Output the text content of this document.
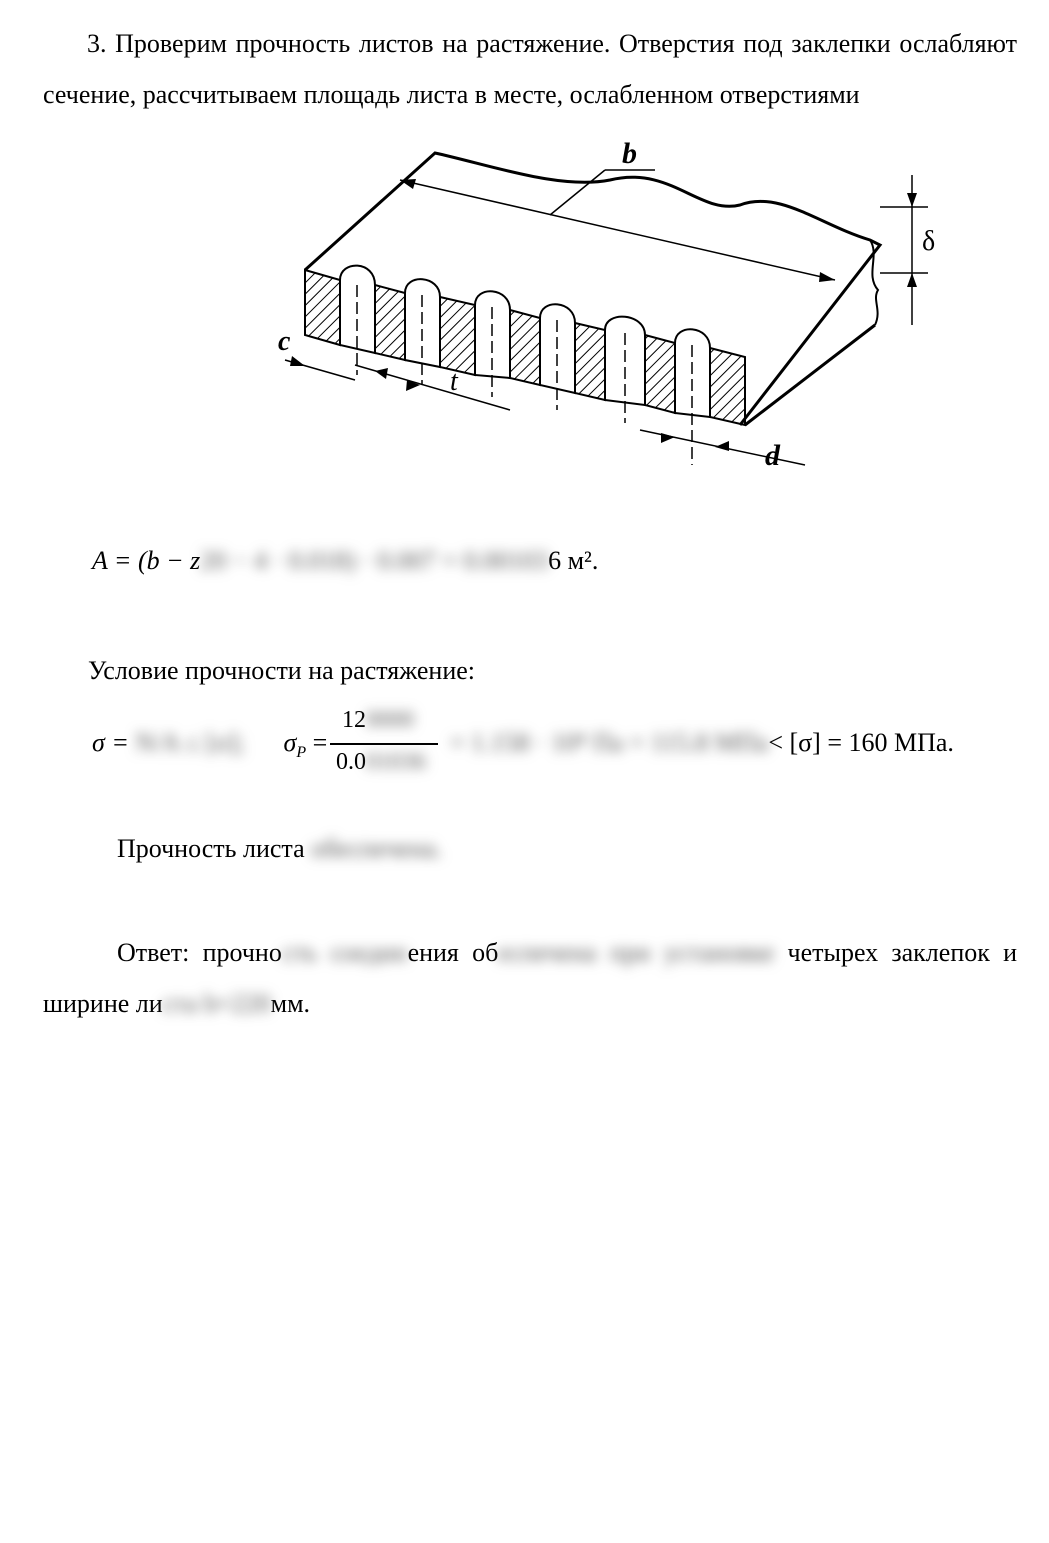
3. Проверим прочность листов на растяжение. Отверстия под заклепки ослабляют сечение, рассчитываем площадь листа в месте, ослабленном отверстиями

b
δ
c
t
d
A = (b − z20 − 4 · 0.018) · 0.007 = 0.001036 м².
Условие прочности на растяжение:
σ = N/A ≤ [σ]; $\sigma_P$ =
120000
0.001036
= 1.158 · 10⁸ Па = 115.8 МПа< [σ] = 160 МПа.
Прочность листа обеспечена.

Ответ: прочность соединения обеспечена при установке четырех заклепок и ширине листа b=220мм.
